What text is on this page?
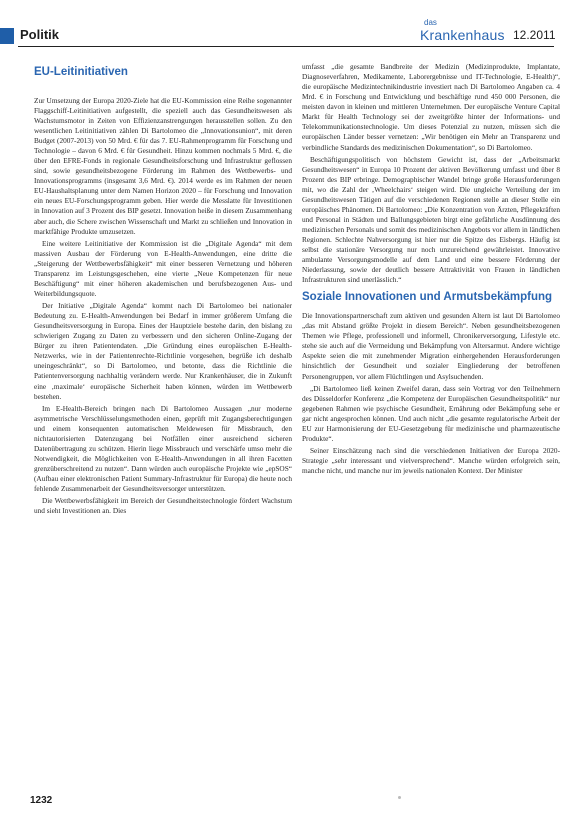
Politik
das
Krankenhaus 12.2011
EU-Leitinitiativen

Zur Umsetzung der Europa 2020-Ziele hat die EU-Kommission eine Reihe sogenannter Flaggschiff-Leitinitiativen aufgestellt, die speziell auch das Gesundheitswesen als Wachstumsmotor in Zeiten von Effizienzanstrengungen herausstellen sollen. Zu den wesentlichen Leitinitiativen zählen Di Bartolomeo die „Innovationsunion“, mit deren Budget (2007-2013) von 50 Mrd. € für das 7. EU-Rahmenprogramm für Forschung und Technologie – davon 6 Mrd. € für Gesundheit. Hinzu kommen nochmals 5 Mrd. €, die über den EFRE-Fonds in regionale Gesundheitsforschung und Infrastruktur geflossen sind, sowie gesundheitsbezogene Förderung im Rahmen des Wettbewerbs- und Innovationsprogramms (insgesamt 3,6 Mrd. €). 2014 werde es im Rahmen der neuen EU-Haushaltsplanung unter dem Namen Horizon 2020 – für Forschung und Innovation ein neues EU-Forschungsprogramm geben. Hier werde die Messlatte für Investitionen in Innovation auf 3 Prozent des BIP gesetzt. Innovation heiße in diesem Zusammenhang aber auch, die Schere zwischen Wissenschaft und Markt zu schließen und Innovation in marktfähige Produkte umzusetzen.

Eine weitere Leitinitiative der Kommission ist die „Digitale Agenda“ mit dem massiven Ausbau der Förderung von E-Health-Anwendungen, eine dritte die „Steigerung der Wettbewerbsfähigkeit“ mit einer besseren Vernetzung und höheren Transparenz im Leistungsgeschehen, eine vierte „Neue Kompetenzen für neue Beschäftigung“ mit einer höheren akademischen und berufsbezogenen Aus- und Weiterbildungsquote.

Der Initiative „Digitale Agenda“ kommt nach Di Bartolomeo bei nationaler Bedeutung zu. E-Health-Anwendungen bei Bedarf in immer größerem Umfang die Gesundheitsversorgung in Europa. Eines der Hauptziele bestehe darin, den bislang zu schwierigen Zugang zu Daten zu verbessern und den sicheren Online-Zugang der Bürger zu ihren Patientendaten. „Die Gründung eines europäischen E-Health-Netzwerks, wie in der Patientenrechte-Richtlinie vorgesehen, begrüße ich deshalb uneingeschränkt“, so Di Bartolomeo, und betonte, dass die Richtlinie die Patientenversorgung nachhaltig verändern werde. Nur Krankenhäuser, die in Zukunft eine ‚maximale‘ europäische Sicherheit haben können, würden im Wettbewerb bestehen.

Im E-Health-Bereich bringen nach Di Bartolomeo Aussagen „nur moderne asymmetrische Verschlüsselungsmethoden einen, geprüft mit Zugangsberechtigungen und einem konsequenten automatischen Meldewesen für Missbrauch, den nichtautorisierten Datenzugang bei Notfällen einer ausreichend sicheren Datenübertragung zu schützen. Hierin liege Missbrauch und verschärfe umso mehr die Notwendigkeit, die Möglichkeiten von E-Health-Anwendungen in all ihren Facetten grenzüberschreitend zu nutzen“. Dann würden auch europäische Projekte wie „epSOS“ (Aufbau einer elektronischen Patient Summary-Infrastruktur für Europa) die heute noch fehlende Zusammenarbeit der Gesundheitsversorger unterstützen.

Die Wettbewerbsfähigkeit im Bereich der Gesundheitstechnologie fördert Wachstum und sieht Investitionen an. Dies

umfasst „die gesamte Bandbreite der Medizin (Medizinprodukte, Implantate, Diagnoseverfahren, Medikamente, Laborergebnisse und IT-Technologie, E-Health)“, die europäische Medizintechnikindustrie investiert nach Di Bartolomeo Angaben ca. 4 Mrd. € in Forschung und Entwicklung und beschäftige rund 450 000 Personen, die meisten davon in kleinen und mittleren Unternehmen. Der europäische Venture Capital Markt für Health Technology sei der zweitgrößte hinter der Informations- und Telekommunikationstechnologie. Um dieses Potenzial zu nutzen, müssen sich die europäischen Länder besser vernetzen: „Wir benötigen ein Mehr an Transparenz und verbindliche Standards des medizinischen Dokumentation“, so Di Bartolomeo.

Beschäftigungspolitisch von höchstem Gewicht ist, dass der „Arbeitsmarkt Gesundheitswesen“ in Europa 10 Prozent der aktiven Bevölkerung umfasst und über 8 Prozent des BIP erbringe. Demographischer Wandel bringe große Herausforderungen mit, wo die Zahl der ‚Wheelchairs‘ steigen wird. Die ungleiche Verteilung der im Gesundheitswesen Tätigen auf die verschiedenen Regionen stelle an dieser Stelle ein europäisches Phänomen. Di Bartolomeo: „Die Konzentration von Ärzten, Pflegekräften und Personal in Städten und Ballungsgebieten birgt eine gefährliche Ausdünnung des medizinischen Personals und somit des medizinischen Angebots vor allem in ländlichen Regionen. Schlechte Nahversorgung ist hier nur die Spitze des Eisbergs. Häufig ist selbst die stationäre Versorgung nur noch unzureichend gewährleistet. Innovative ambulante Versorgungsmodelle auf dem Land und eine bessere Förderung der Niederlassung, sowie der deutlich bessere Attraktivität von Frauen in ländlichen Infrastrukturen sind unerlässlich.“

Soziale Innovationen und Armutsbekämpfung

Die Innovationspartnerschaft zum aktiven und gesunden Altern ist laut Di Bartolomeo „das mit Abstand größte Projekt in diesem Bereich“. Neben gesundheitsbezogenen Themen wie Pflege, professionell und informell, Chronikerversorgung, Lifestyle etc. stehe sie auch auf die Vermeidung und Bekämpfung von Altersarmut. Andere wichtige Aspekte seien die mit zunehmender Migration einhergehenden Herausforderungen hinsichtlich der Gesundheit und sozialer Eingliederung der betroffenen Personengruppen, vor allem Flüchtlingen und Asylsuchenden.

„Di Bartolomeo ließ keinen Zweifel daran, dass sein Vortrag vor den Teilnehmern des Düsseldorfer Konferenz „die Kompetenz der Europäischen Gesundheitspolitik“ nur gegebenen Rahmen wie psychische Gesundheit, Ernährung oder Bekämpfung sehe er gar nicht angesprochen können. Und auch nicht „die gesamte regulatorische Arbeit der EU zur Harmonisierung der EU-Gesetzgebung für medizinische und pharmazeutische Produkte“.

Seiner Einschätzung nach sind die verschiedenen Initiativen der Europa 2020-Strategie „sehr interessant und vielversprechend“. Manche würden erfolgreich sein, manche nicht, und manche nur im jeweils nationalen Kontext. Der Minister

1232
